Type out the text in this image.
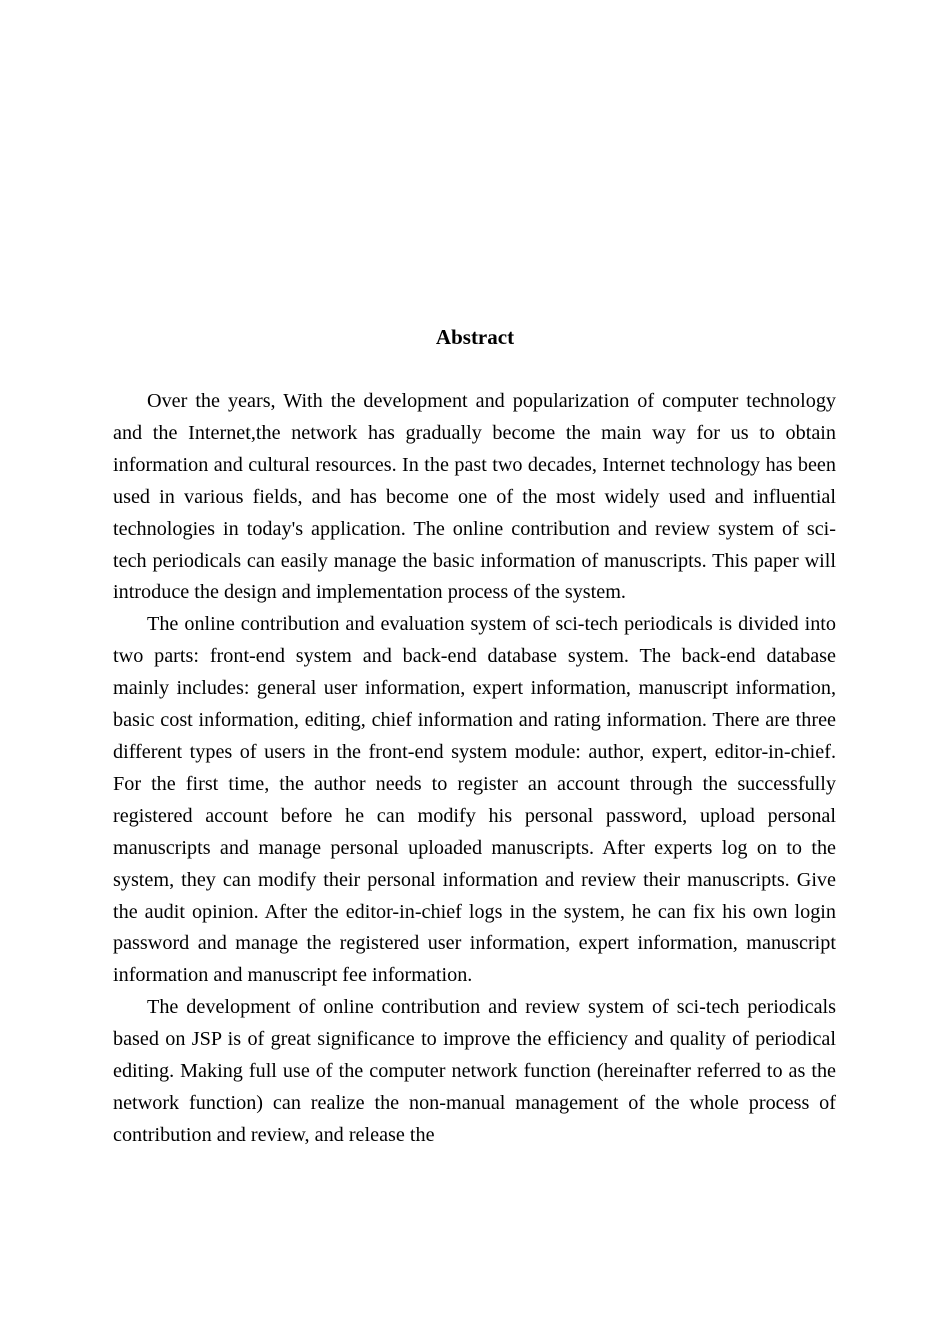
Abstract

Over the years, With the development and popularization of computer technology and the Internet,the network has gradually become the main way for us to obtain information and cultural resources. In the past two decades, Internet technology has been used in various fields, and has become one of the most widely used and influential technologies in today's application. The online contribution and review system of sci-tech periodicals can easily manage the basic information of manuscripts. This paper will introduce the design and implementation process of the system.

The online contribution and evaluation system of sci-tech periodicals is divided into two parts: front-end system and back-end database system. The back-end database mainly includes: general user information, expert information, manuscript information, basic cost information, editing, chief information and rating information. There are three different types of users in the front-end system module: author, expert, editor-in-chief. For the first time, the author needs to register an account through the successfully registered account before he can modify his personal password, upload personal manuscripts and manage personal uploaded manuscripts. After experts log on to the system, they can modify their personal information and review their manuscripts. Give the audit opinion. After the editor-in-chief logs in the system, he can fix his own login password and manage the registered user information, expert information, manuscript information and manuscript fee information.

The development of online contribution and review system of sci-tech periodicals based on JSP is of great significance to improve the efficiency and quality of periodical editing. Making full use of the computer network function (hereinafter referred to as the network function) can realize the non-manual management of the whole process of contribution and review, and release the
